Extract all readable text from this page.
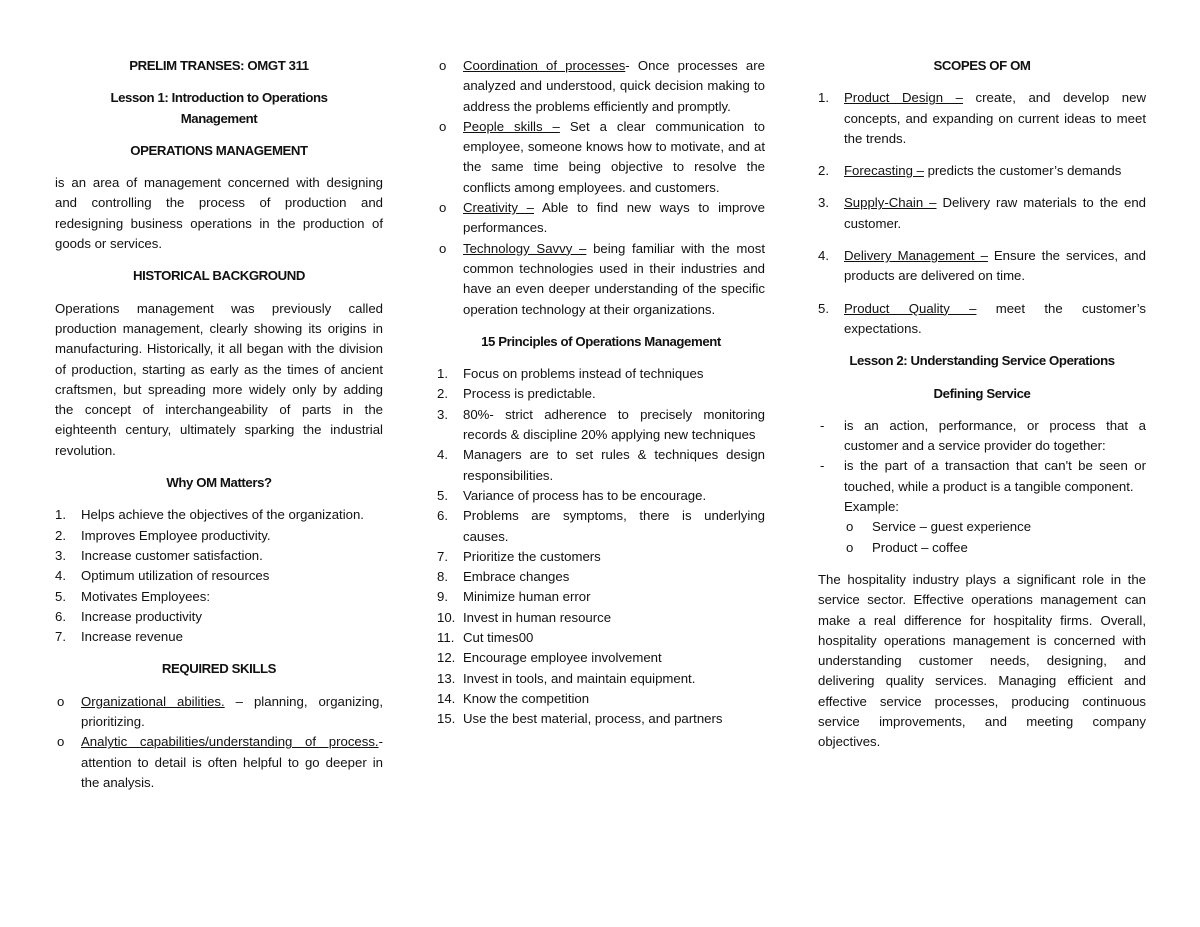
PRELIM TRANSES: OMGT 311
Lesson 1: Introduction to Operations Management
OPERATIONS MANAGEMENT

is an area of management concerned with designing and controlling the process of production and redesigning business operations in the production of goods or services.

HISTORICAL BACKGROUND

Operations management was previously called production management, clearly showing its origins in manufacturing. Historically, it all began with the division of production, starting as early as the times of ancient craftsmen, but spreading more widely only by adding the concept of interchangeability of parts in the eighteenth century, ultimately sparking the industrial revolution.

Why OM Matters?
1. Helps achieve the objectives of the organization.
2. Improves Employee productivity.
3. Increase customer satisfaction.
4. Optimum utilization of resources
5. Motivates Employees:
6. Increase productivity
7. Increase revenue
REQUIRED SKILLS
o Organizational abilities. – planning, organizing, prioritizing.
o Analytic capabilities/understanding of process.- attention to detail is often helpful to go deeper in the analysis.
o Coordination of processes- Once processes are analyzed and understood, quick decision making to address the problems efficiently and promptly.
o People skills – Set a clear communication to employee, someone knows how to motivate, and at the same time being objective to resolve the conflicts among employees. and customers.
o Creativity – Able to find new ways to improve performances.
o Technology Savvy – being familiar with the most common technologies used in their industries and have an even deeper understanding of the specific operation technology at their organizations.
15 Principles of Operations Management
1. Focus on problems instead of techniques
2. Process is predictable.
3. 80%- strict adherence to precisely monitoring records & discipline 20% applying new techniques
4. Managers are to set rules & techniques design responsibilities.
5. Variance of process has to be encourage.
6. Problems are symptoms, there is underlying causes.
7. Prioritize the customers
8. Embrace changes
9. Minimize human error
10. Invest in human resource
11. Cut times00
12. Encourage employee involvement
13. Invest in tools, and maintain equipment.
14. Know the competition
15. Use the best material, process, and partners
SCOPES OF OM
1. Product Design – create, and develop new concepts, and expanding on current ideas to meet the trends.
2. Forecasting – predicts the customer’s demands
3. Supply-Chain – Delivery raw materials to the end customer.
4. Delivery Management – Ensure the services, and products are delivered on time.
5. Product Quality – meet the customer’s expectations.
Lesson 2: Understanding Service Operations
Defining Service
- is an action, performance, or process that a customer and a service provider do together:
- is the part of a transaction that can't be seen or touched, while a product is a tangible component.
Example:
o Service – guest experience
o Product – coffee

The hospitality industry plays a significant role in the service sector. Effective operations management can make a real difference for hospitality firms. Overall, hospitality operations management is concerned with understanding customer needs, designing, and delivering quality services. Managing efficient and effective service processes, producing continuous service improvements, and meeting company objectives.
